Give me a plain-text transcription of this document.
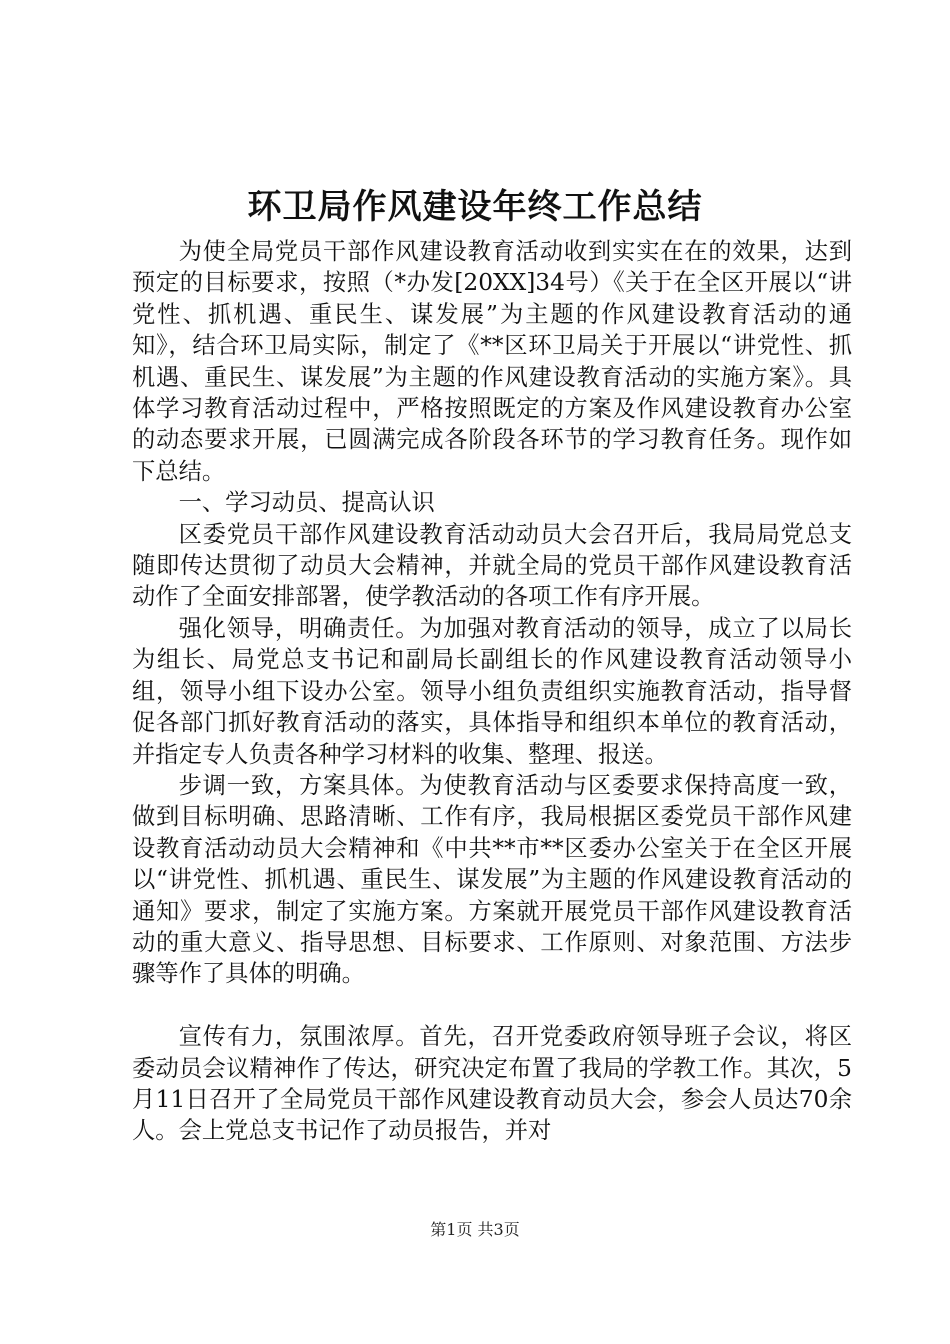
环卫局作风建设年终工作总结

为使全局党员干部作风建设教育活动收到实实在在的效果，达到预定的目标要求，按照（*办发[20XX]34号）《关于在全区开展以“讲党性、抓机遇、重民生、谋发展”为主题的作风建设教育活动的通知》，结合环卫局实际，制定了《**区环卫局关于开展以“讲党性、抓机遇、重民生、谋发展”为主题的作风建设教育活动的实施方案》。具体学习教育活动过程中，严格按照既定的方案及作风建设教育办公室的动态要求开展，已圆满完成各阶段各环节的学习教育任务。现作如下总结。

一、学习动员、提高认识

区委党员干部作风建设教育活动动员大会召开后，我局局党总支随即传达贯彻了动员大会精神，并就全局的党员干部作风建设教育活动作了全面安排部署，使学教活动的各项工作有序开展。

强化领导，明确责任。为加强对教育活动的领导，成立了以局长为组长、局党总支书记和副局长副组长的作风建设教育活动领导小组，领导小组下设办公室。领导小组负责组织实施教育活动，指导督促各部门抓好教育活动的落实，具体指导和组织本单位的教育活动，并指定专人负责各种学习材料的收集、整理、报送。

步调一致，方案具体。为使教育活动与区委要求保持高度一致，做到目标明确、思路清晰、工作有序，我局根据区委党员干部作风建设教育活动动员大会精神和《中共**市**区委办公室关于在全区开展以“讲党性、抓机遇、重民生、谋发展”为主题的作风建设教育活动的通知》要求，制定了实施方案。方案就开展党员干部作风建设教育活动的重大意义、指导思想、目标要求、工作原则、对象范围、方法步骤等作了具体的明确。

宣传有力，氛围浓厚。首先，召开党委政府领导班子会议，将区委动员会议精神作了传达，研究决定布置了我局的学教工作。其次，5月11日召开了全局党员干部作风建设教育动员大会，参会人员达70余人。会上党总支书记作了动员报告，并对

第1页 共3页
